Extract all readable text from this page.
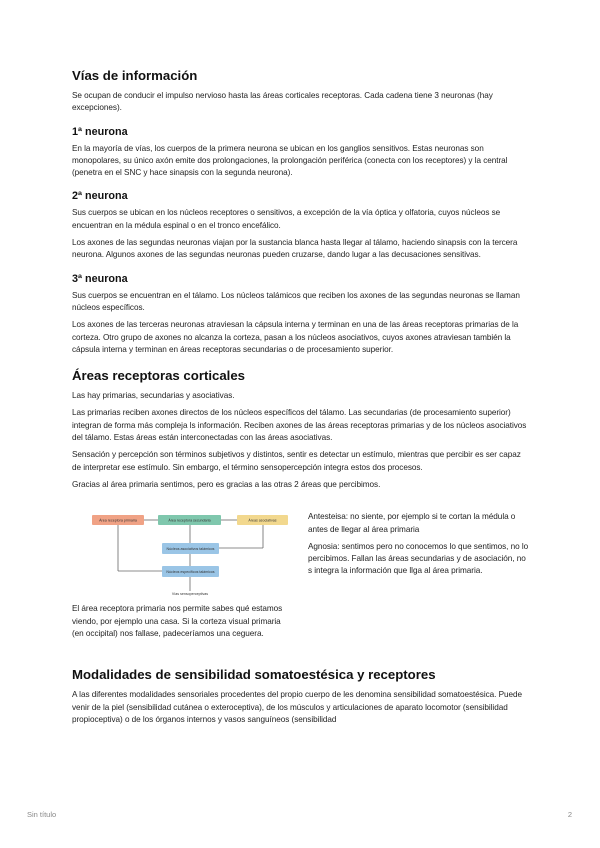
Vías de información

Se ocupan de conducir el impulso nervioso hasta las áreas corticales receptoras. Cada cadena tiene 3 neuronas (hay excepciones).

1ª neurona

En la mayoría de vías, los cuerpos de la primera neurona se ubican en los ganglios sensitivos. Estas neuronas son monopolares, su único axón emite dos prolongaciones, la prolongación periférica (conecta con los receptores) y la central (penetra en el SNC y hace sinapsis con la segunda neurona).

2ª neurona

Sus cuerpos se ubican en los núcleos receptores o sensitivos, a excepción de la vía óptica y olfatoria, cuyos núcleos se encuentran en la médula espinal o en el tronco encefálico.

Los axones de las segundas neuronas viajan por la sustancia blanca hasta llegar al tálamo, haciendo sinapsis con la tercera neurona. Algunos axones de las segundas neuronas pueden cruzarse, dando lugar a las decusaciones sensitivas.

3ª neurona

Sus cuerpos se encuentran en el tálamo. Los núcleos talámicos que reciben los axones de las segundas neuronas se llaman núcleos específicos.

Los axones de las terceras neuronas atraviesan la cápsula interna y terminan en una de las áreas receptoras primarias de la corteza. Otro grupo de axones no alcanza la corteza, pasan a los núcleos asociativos, cuyos axones atraviesan también la cápsula interna y terminan en áreas receptoras secundarias o de procesamiento superior.

Áreas receptoras corticales

Las hay primarias, secundarias y asociativas.

Las primarias reciben axones directos de los núcleos específicos del tálamo. Las secundarias (de procesamiento superior) integran de forma más compleja ls información. Reciben axones de las áreas receptoras primarias y de los núcleos asociativos del tálamo. Estas áreas están interconectadas con las áreas asociativas.

Sensación y percepción son términos subjetivos y distintos, sentir es detectar un estímulo, mientras que percibir es ser capaz de interpretar ese estímulo. Sin embargo, el término sensopercepción integra estos dos procesos.

Gracias al área primaria sentimos, pero es gracias a las otras 2 áreas que percibimos.

Área receptora primaria	Área receptora secundaria	Áreas asociativas
Núcleos asociativos talámicos
Núcleos específicos talámicos
Vías sensoperceptivas

El área receptora primaria nos permite sabes qué estamos viendo, por ejemplo una casa. Si la corteza visual primaria (en occipital) nos fallase, padeceríamos una ceguera.

Antesteisa: no siente, por ejemplo si te cortan la médula o antes de llegar al área primaria

Agnosia: sentimos pero no conocemos lo que sentimos, no lo percibimos. Fallan las áreas secundarias y de asociación, no s integra la información que llga al área primaria.

Modalidades de sensibilidad somatoestésica y receptores

A las diferentes modalidades sensoriales procedentes del propio cuerpo de les denomina sensibilidad somatoestésica. Puede venir de la piel (sensibilidad cutánea o exteroceptiva), de los músculos y articulaciones de aparato locomotor (sensibilidad propioceptiva) o de los órganos internos y vasos sanguíneos (sensibilidad

Sin título	2
